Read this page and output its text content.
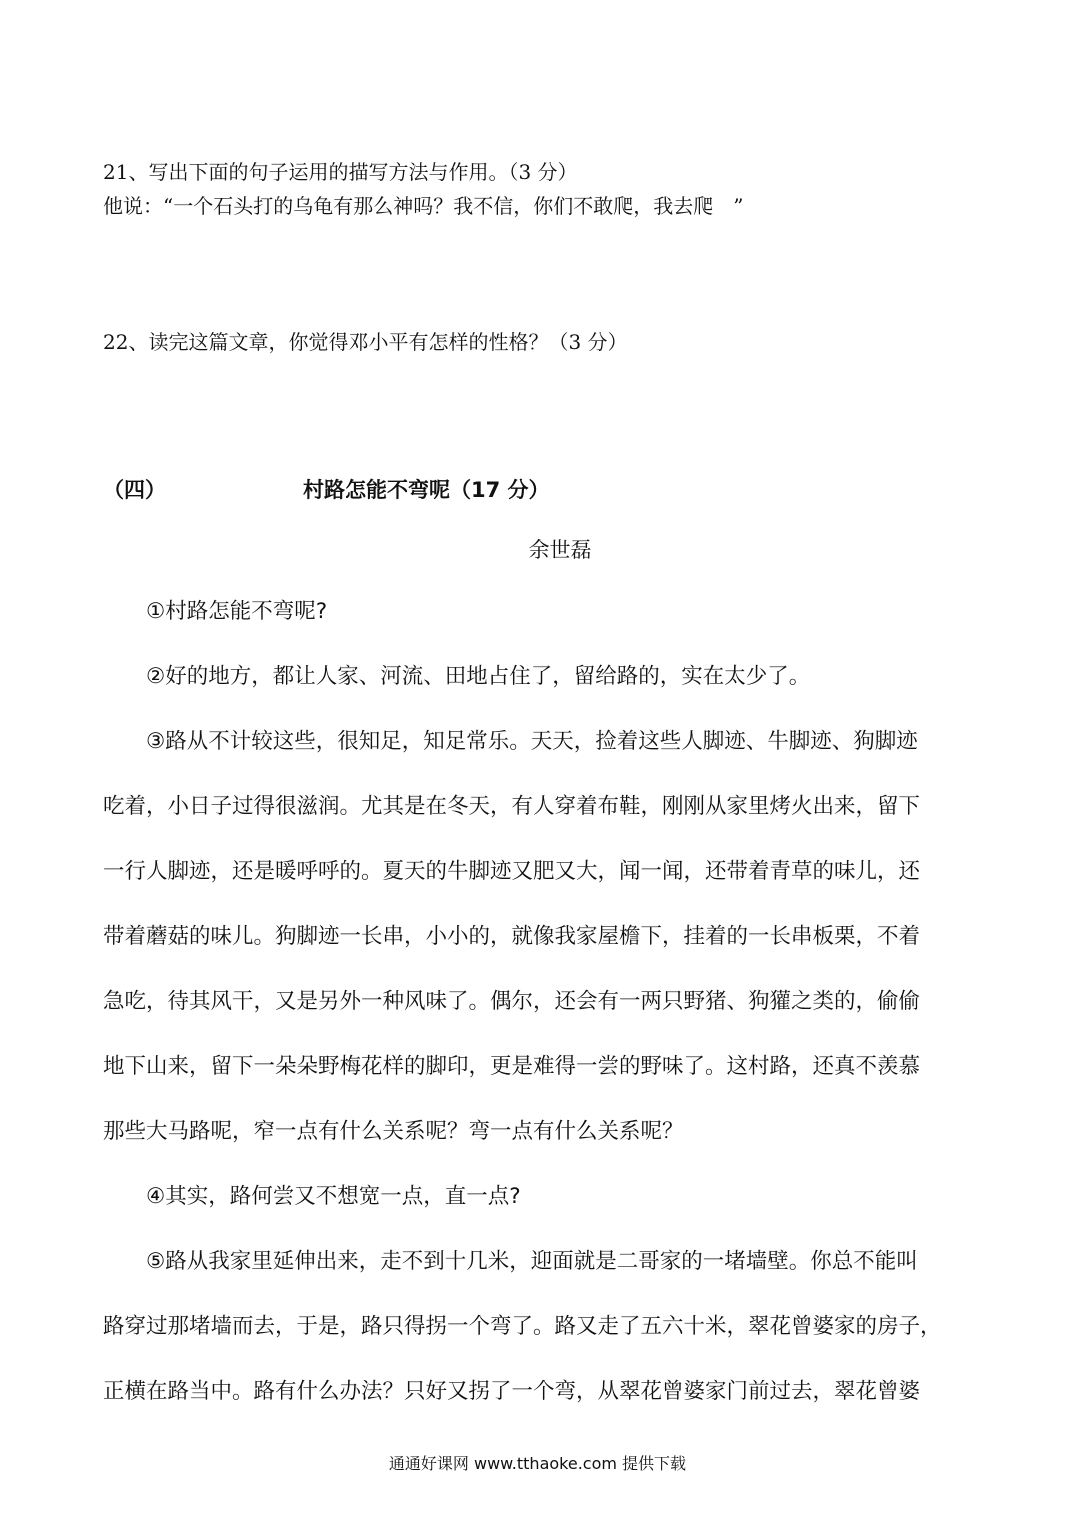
21、写出下面的句子运用的描写方法与作用。（3 分）
他说：“一个石头打的乌龟有那么神吗？我不信，你们不敢爬，我去爬　”
22、读完这篇文章，你觉得邓小平有怎样的性格？（3 分）
（四）	村路怎能不弯呢（17 分）
余世磊
①村路怎能不弯呢?
②好的地方，都让人家、河流、田地占住了，留给路的，实在太少了。
③路从不计较这些，很知足，知足常乐。天天，捡着这些人脚迹、牛脚迹、狗脚迹
吃着，小日子过得很滋润。尤其是在冬天，有人穿着布鞋，刚刚从家里烤火出来，留下
一行人脚迹，还是暖呼呼的。夏天的牛脚迹又肥又大，闻一闻，还带着青草的味儿，还
带着蘑菇的味儿。狗脚迹一长串，小小的，就像我家屋檐下，挂着的一长串板栗，不着
急吃，待其风干，又是另外一种风味了。偶尔，还会有一两只野猪、狗獾之类的，偷偷
地下山来，留下一朵朵野梅花样的脚印，更是难得一尝的野味了。这村路，还真不羡慕
那些大马路呢，窄一点有什么关系呢？弯一点有什么关系呢？
④其实，路何尝又不想宽一点，直一点?
⑤路从我家里延伸出来，走不到十几米，迎面就是二哥家的一堵墙壁。你总不能叫
路穿过那堵墙而去，于是，路只得拐一个弯了。路又走了五六十米，翠花曾婆家的房子，
正横在路当中。路有什么办法？只好又拐了一个弯，从翠花曾婆家门前过去，翠花曾婆
通通好课网 www.tthaoke.com 提供下载
